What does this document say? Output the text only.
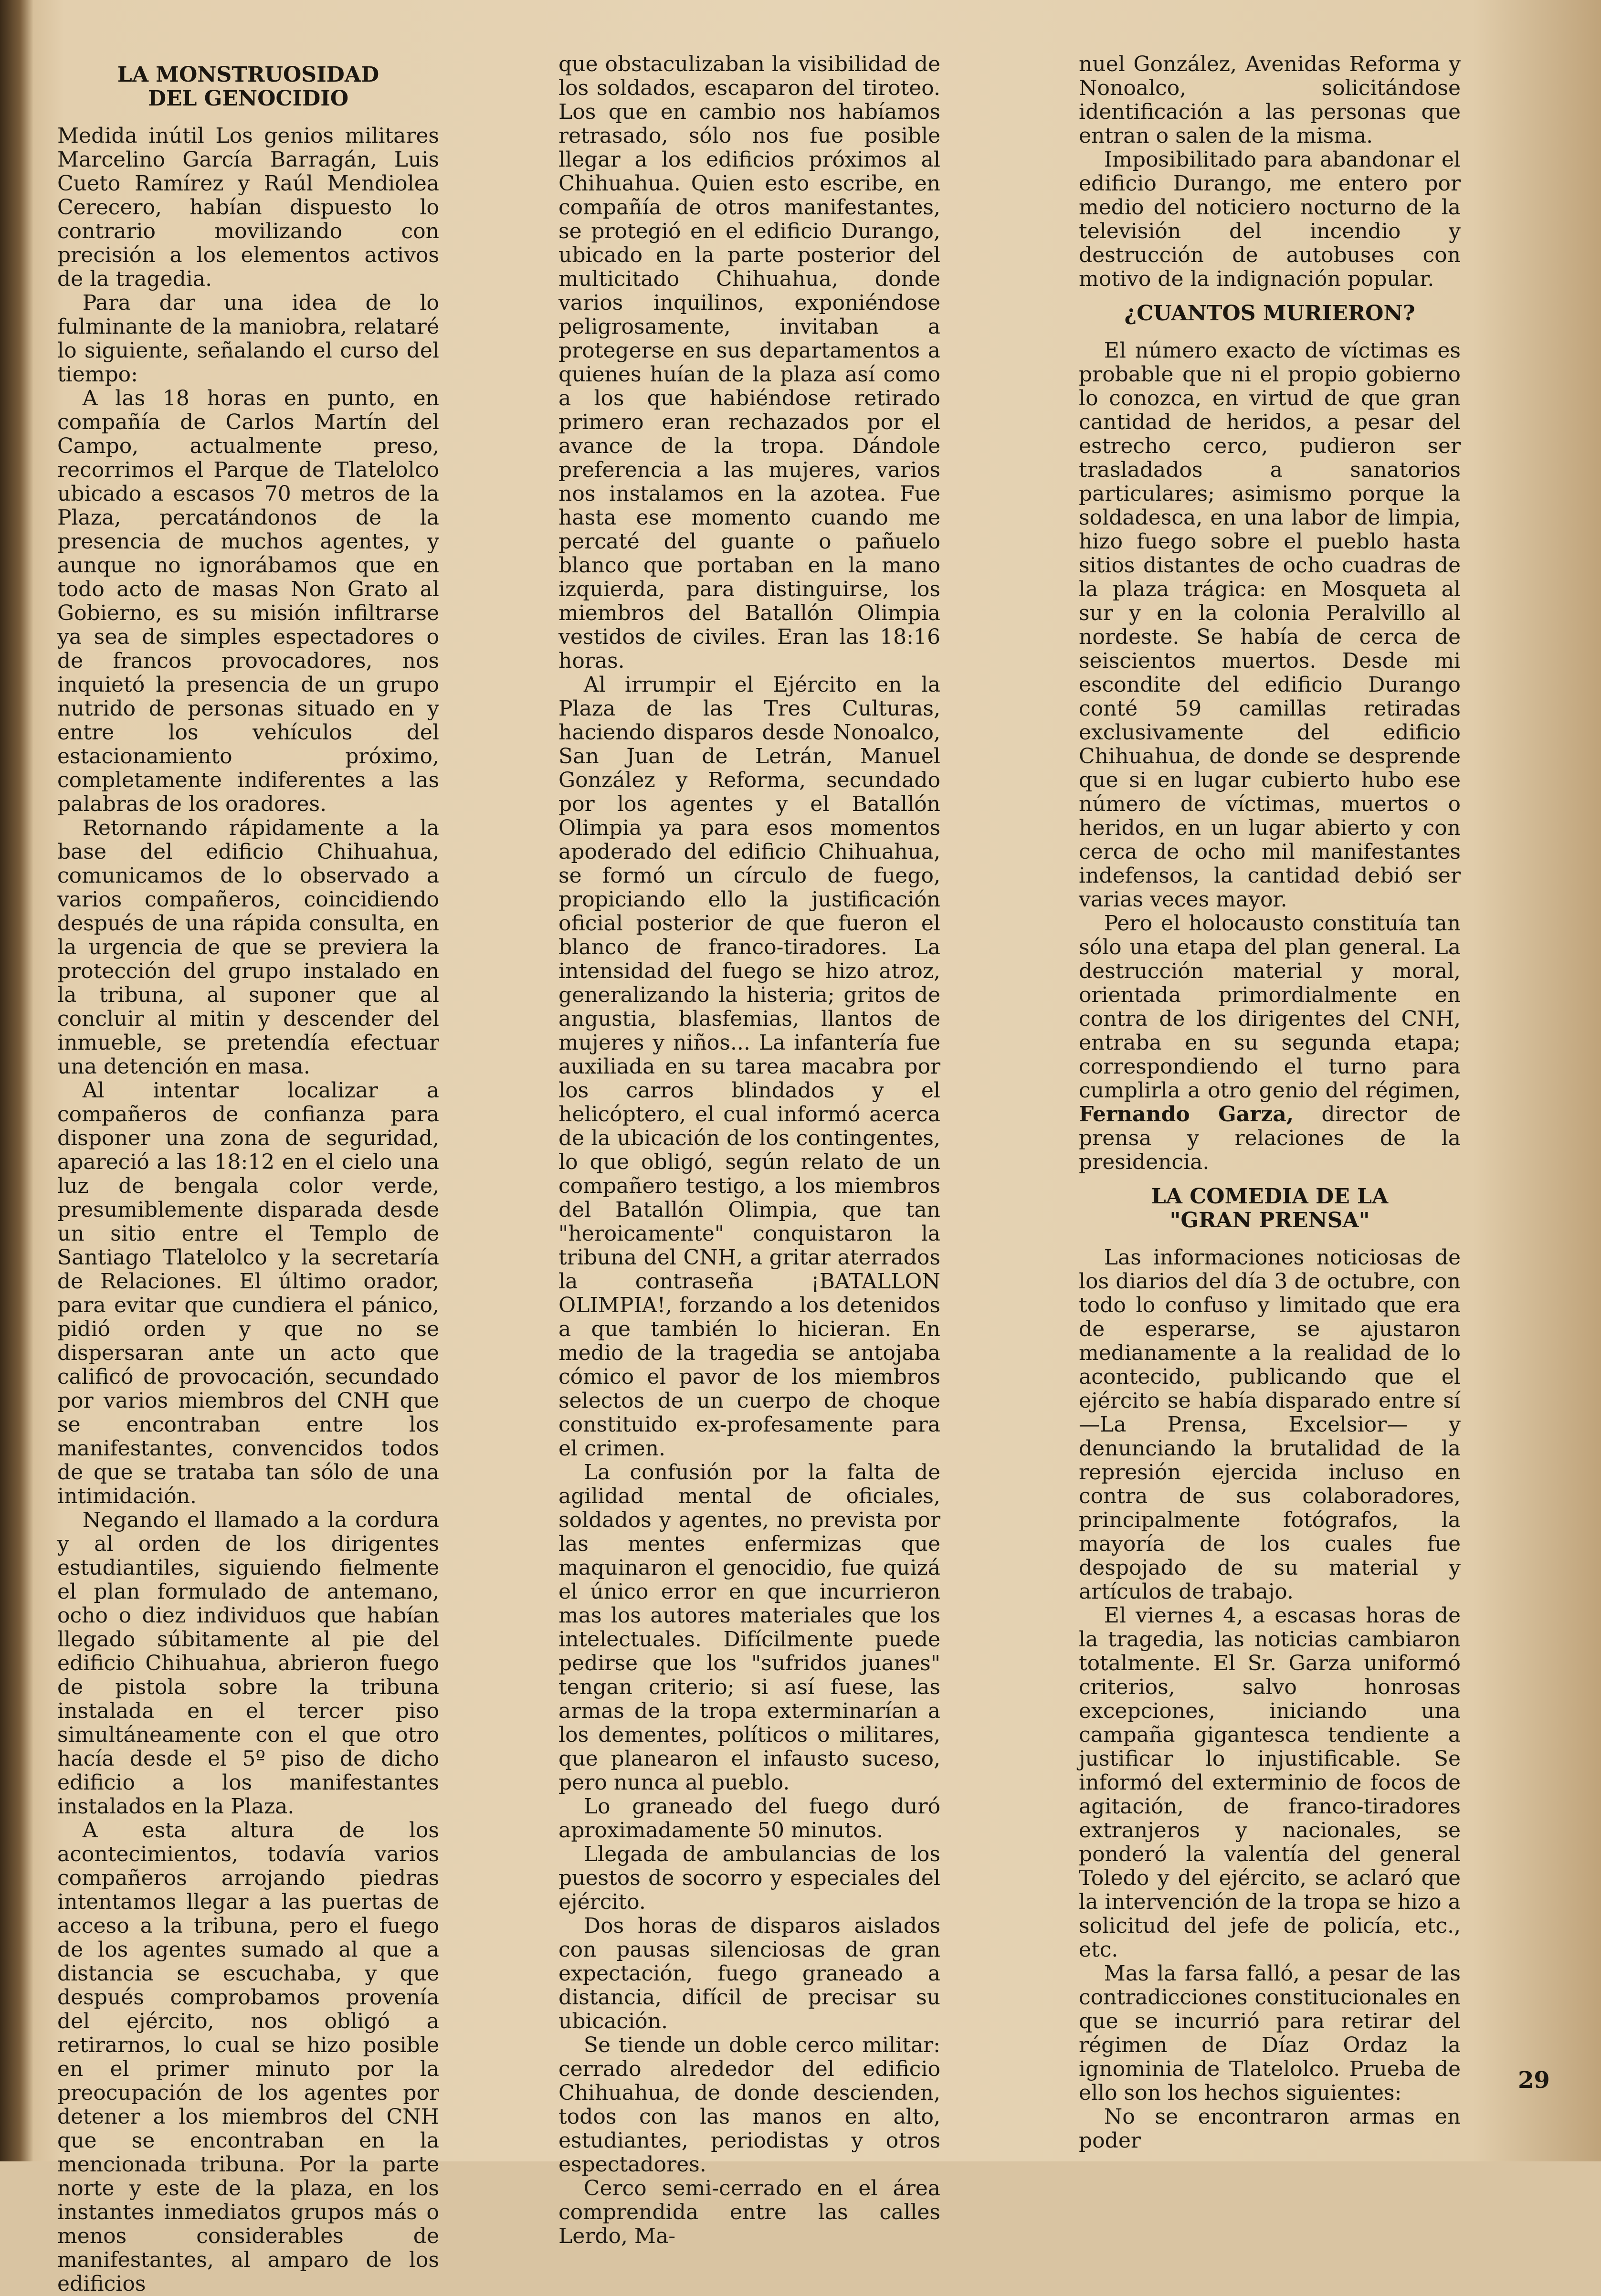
LA MONSTRUOSIDAD
DEL GENOCIDIO

Medida inútil Los genios militares Marcelino García Barragán, Luis Cueto Ramírez y Raúl Mendiolea Cerecero, habían dispuesto lo contrario movilizando con precisión a los elementos activos de la tragedia.

Para dar una idea de lo fulminante de la maniobra, relataré lo siguiente, señalando el curso del tiempo:

A las 18 horas en punto, en compañía de Carlos Martín del Campo, actualmente preso, recorrimos el Parque de Tlatelolco ubicado a escasos 70 metros de la Plaza, percatándonos de la presencia de muchos agentes, y aunque no ignorábamos que en todo acto de masas Non Grato al Gobierno, es su misión infiltrarse ya sea de simples espectadores o de francos provocadores, nos inquietó la presencia de un grupo nutrido de personas situado en y entre los vehículos del estacionamiento próximo, completamente indiferentes a las palabras de los oradores.

Retornando rápidamente a la base del edificio Chihuahua, comunicamos de lo observado a varios compañeros, coincidiendo después de una rápida consulta, en la urgencia de que se previera la protección del grupo instalado en la tribuna, al suponer que al concluir al mitin y descender del inmueble, se pretendía efectuar una detención en masa.

Al intentar localizar a compañeros de confianza para disponer una zona de seguridad, apareció a las 18:12 en el cielo una luz de bengala color verde, presumiblemente disparada desde un sitio entre el Templo de Santiago Tlatelolco y la secretaría de Relaciones. El último orador, para evitar que cundiera el pánico, pidió orden y que no se dispersaran ante un acto que calificó de provocación, secundado por varios miembros del CNH que se encontraban entre los manifestantes, convencidos todos de que se trataba tan sólo de una intimidación.

Negando el llamado a la cordura y al orden de los dirigentes estudiantiles, siguiendo fielmente el plan formulado de antemano, ocho o diez individuos que habían llegado súbitamente al pie del edificio Chihuahua, abrieron fuego de pistola sobre la tribuna instalada en el tercer piso simultáneamente con el que otro hacía desde el 5º piso de dicho edificio a los manifestantes instalados en la Plaza.

A esta altura de los acontecimientos, todavía varios compañeros arrojando piedras intentamos llegar a las puertas de acceso a la tribuna, pero el fuego de los agentes sumado al que a distancia se escuchaba, y que después comprobamos provenía del ejército, nos obligó a retirarnos, lo cual se hizo posible en el primer minuto por la preocupación de los agentes por detener a los miembros del CNH que se encontraban en la mencionada tribuna. Por la parte norte y este de la plaza, en los instantes inmediatos grupos más o menos considerables de manifestantes, al amparo de los edificios

que obstaculizaban la visibilidad de los soldados, escaparon del tiroteo. Los que en cambio nos habíamos retrasado, sólo nos fue posible llegar a los edificios próximos al Chihuahua. Quien esto escribe, en compañía de otros manifestantes, se protegió en el edificio Durango, ubicado en la parte posterior del multicitado Chihuahua, donde varios inquilinos, exponiéndose peligrosamente, invitaban a protegerse en sus departamentos a quienes huían de la plaza así como a los que habiéndose retirado primero eran rechazados por el avance de la tropa. Dándole preferencia a las mujeres, varios nos instalamos en la azotea. Fue hasta ese momento cuando me percaté del guante o pañuelo blanco que portaban en la mano izquierda, para distinguirse, los miembros del Batallón Olimpia vestidos de civiles. Eran las 18:16 horas.

Al irrumpir el Ejército en la Plaza de las Tres Culturas, haciendo disparos desde Nonoalco, San Juan de Letrán, Manuel González y Reforma, secundado por los agentes y el Batallón Olimpia ya para esos momentos apoderado del edificio Chihuahua, se formó un círculo de fuego, propiciando ello la justificación oficial posterior de que fueron el blanco de franco-tiradores. La intensidad del fuego se hizo atroz, generalizando la histeria; gritos de angustia, blasfemias, llantos de mujeres y niños... La infantería fue auxiliada en su tarea macabra por los carros blindados y el helicóptero, el cual informó acerca de la ubicación de los contingentes, lo que obligó, según relato de un compañero testigo, a los miembros del Batallón Olimpia, que tan "heroicamente" conquistaron la tribuna del CNH, a gritar aterrados la contraseña ¡BATALLON OLIMPIA!, forzando a los detenidos a que también lo hicieran. En medio de la tragedia se antojaba cómico el pavor de los miembros selectos de un cuerpo de choque constituido ex-profesamente para el crimen.

La confusión por la falta de agilidad mental de oficiales, soldados y agentes, no prevista por las mentes enfermizas que maquinaron el genocidio, fue quizá el único error en que incurrieron mas los autores materiales que los intelectuales. Difícilmente puede pedirse que los "sufridos juanes" tengan criterio; si así fuese, las armas de la tropa exterminarían a los dementes, políticos o militares, que planearon el infausto suceso, pero nunca al pueblo.

Lo graneado del fuego duró aproximadamente 50 minutos.

Llegada de ambulancias de los puestos de socorro y especiales del ejército.

Dos horas de disparos aislados con pausas silenciosas de gran expectación, fuego graneado a distancia, difícil de precisar su ubicación.

Se tiende un doble cerco militar: cerrado alrededor del edificio Chihuahua, de donde descienden, todos con las manos en alto, estudiantes, periodistas y otros espectadores.

Cerco semi-cerrado en el área comprendida entre las calles Lerdo, Ma-

nuel González, Avenidas Reforma y Nonoalco, solicitándose identificación a las personas que entran o salen de la misma.

Imposibilitado para abandonar el edificio Durango, me entero por medio del noticiero nocturno de la televisión del incendio y destrucción de autobuses con motivo de la indignación popular.

¿CUANTOS MURIERON?

El número exacto de víctimas es probable que ni el propio gobierno lo conozca, en virtud de que gran cantidad de heridos, a pesar del estrecho cerco, pudieron ser trasladados a sanatorios particulares; asimismo porque la soldadesca, en una labor de limpia, hizo fuego sobre el pueblo hasta sitios distantes de ocho cuadras de la plaza trágica: en Mosqueta al sur y en la colonia Peralvillo al nordeste. Se había de cerca de seiscientos muertos. Desde mi escondite del edificio Durango conté 59 camillas retiradas exclusivamente del edificio Chihuahua, de donde se desprende que si en lugar cubierto hubo ese número de víctimas, muertos o heridos, en un lugar abierto y con cerca de ocho mil manifestantes indefensos, la cantidad debió ser varias veces mayor.

Pero el holocausto constituía tan sólo una etapa del plan general. La destrucción material y moral, orientada primordialmente en contra de los dirigentes del CNH, entraba en su segunda etapa; correspondiendo el turno para cumplirla a otro genio del régimen, Fernando Garza, director de prensa y relaciones de la presidencia.

LA COMEDIA DE LA
"GRAN PRENSA"

Las informaciones noticiosas de los diarios del día 3 de octubre, con todo lo confuso y limitado que era de esperarse, se ajustaron medianamente a la realidad de lo acontecido, publicando que el ejército se había disparado entre sí —La Prensa, Excelsior— y denunciando la brutalidad de la represión ejercida incluso en contra de sus colaboradores, principalmente fotógrafos, la mayoría de los cuales fue despojado de su material y artículos de trabajo.

El viernes 4, a escasas horas de la tragedia, las noticias cambiaron totalmente. El Sr. Garza uniformó criterios, salvo honrosas excepciones, iniciando una campaña gigantesca tendiente a justificar lo injustificable. Se informó del exterminio de focos de agitación, de franco-tiradores extranjeros y nacionales, se ponderó la valentía del general Toledo y del ejército, se aclaró que la intervención de la tropa se hizo a solicitud del jefe de policía, etc., etc.

Mas la farsa falló, a pesar de las contradicciones constitucionales en que se incurrió para retirar del régimen de Díaz Ordaz la ignominia de Tlatelolco. Prueba de ello son los hechos siguientes:

No se encontraron armas en poder

29
